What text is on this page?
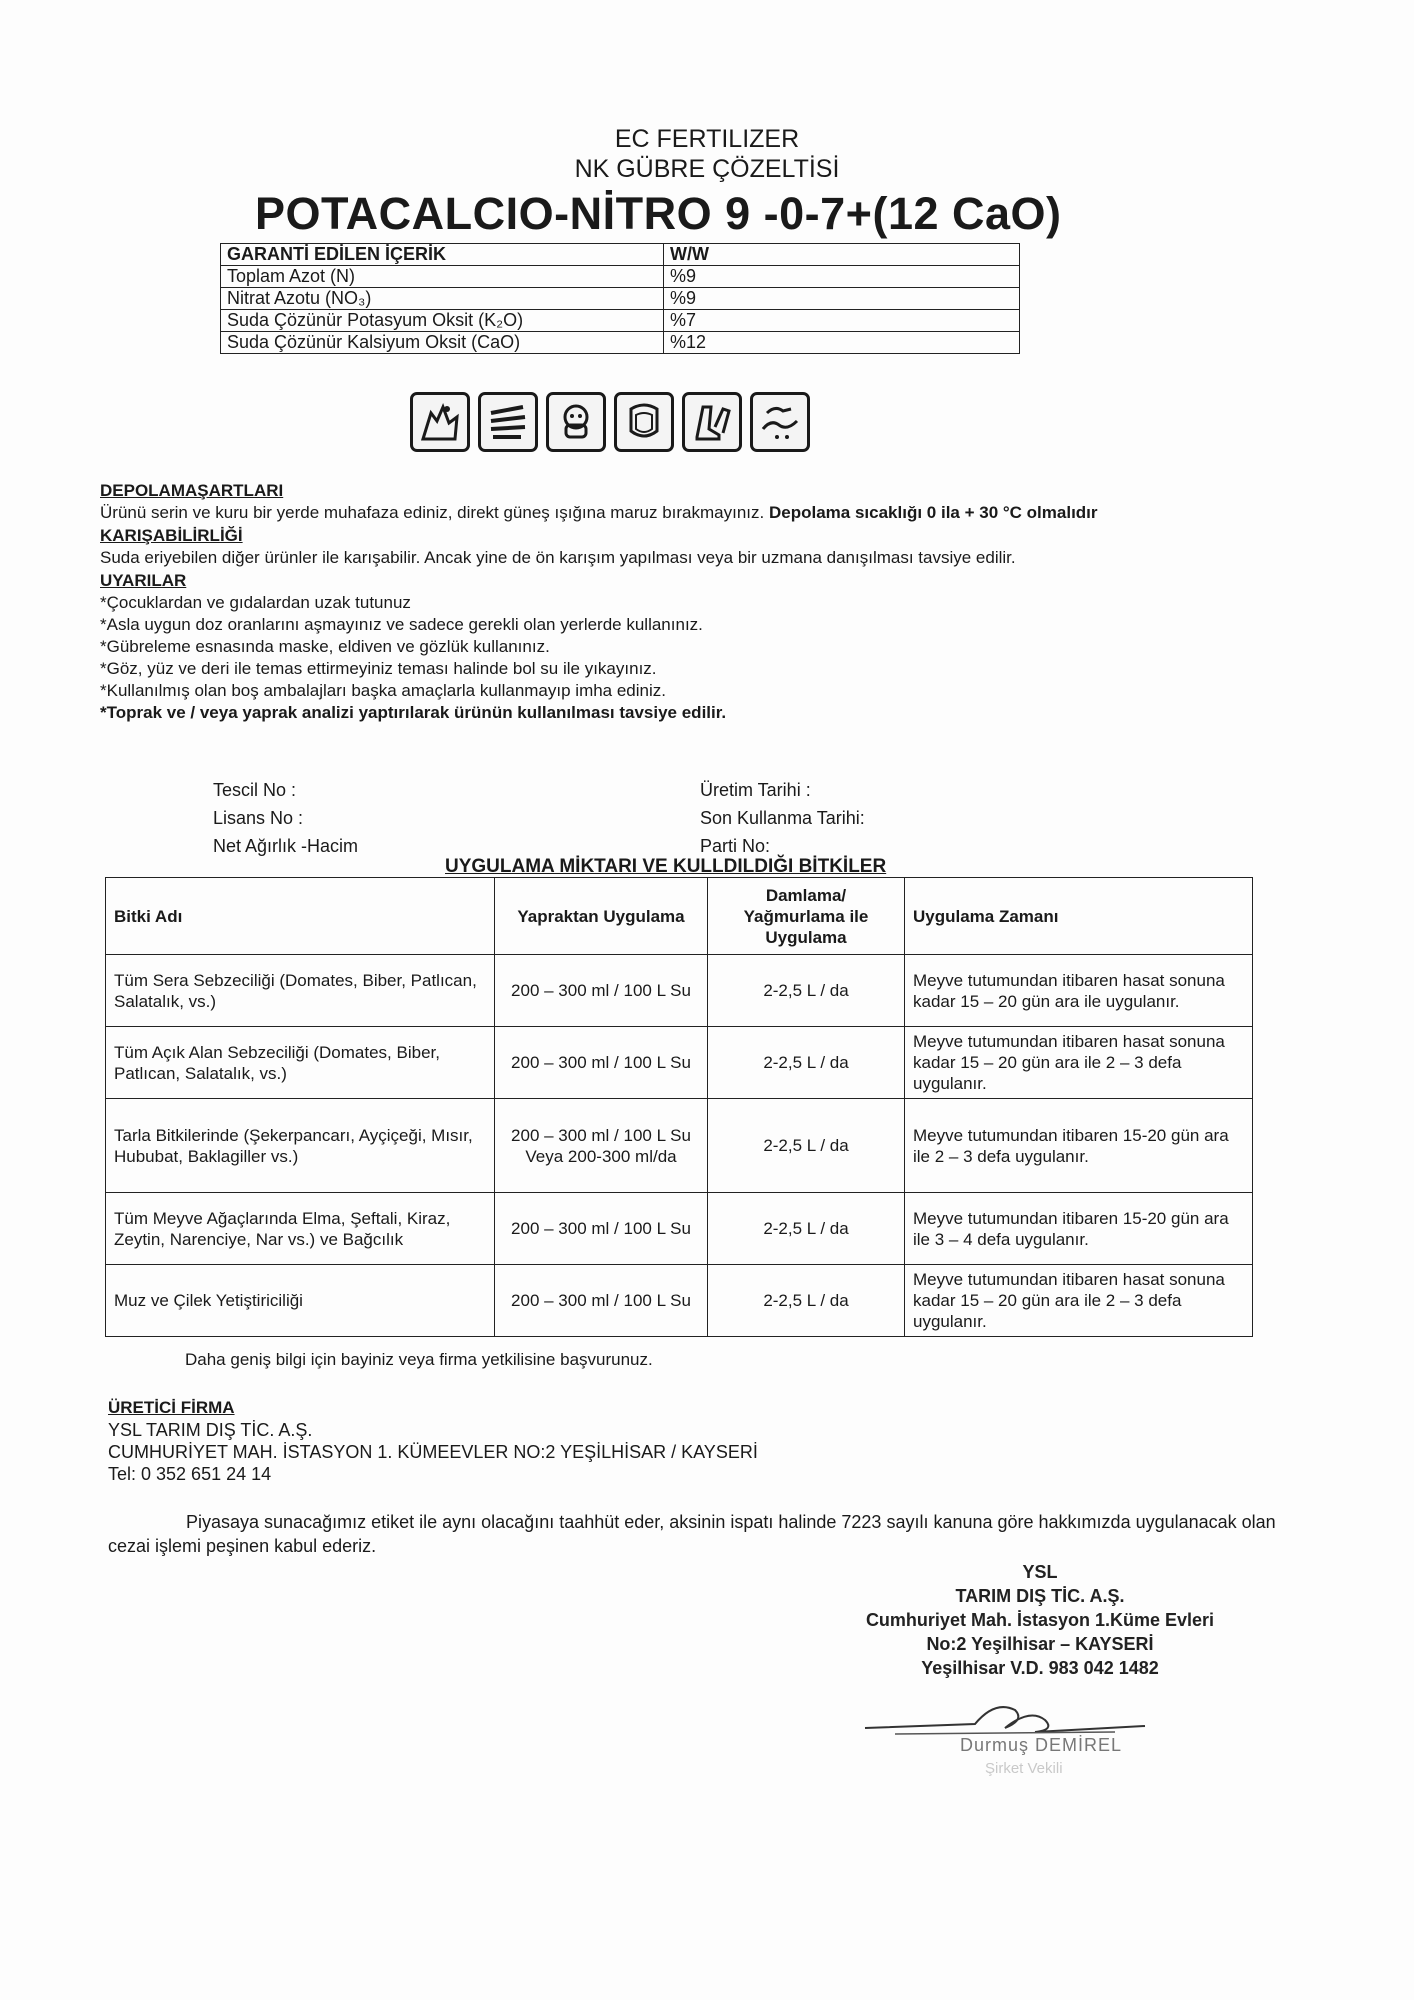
EC FERTILIZER
NK GÜBRE ÇÖZELTİSİ
POTACALCIO-NİTRO 9 -0-7+(12 CaO)
GARANTİ EDİLEN İÇERİK	W/W
Toplam Azot (N)	%9
Nitrat Azotu (NO₃)	%9
Suda Çözünür Potasyum Oksit (K₂O)	%7
Suda Çözünür Kalsiyum Oksit (CaO)	%12
DEPOLAMAŞARTLARI
Ürünü serin ve kuru bir yerde muhafaza ediniz, direkt güneş ışığına maruz bırakmayınız. Depolama sıcaklığı 0 ila + 30 °C olmalıdır
KARIŞABİLİRLİĞİ
Suda eriyebilen diğer ürünler ile karışabilir. Ancak yine de ön karışım yapılması veya bir uzmana danışılması tavsiye edilir.
UYARILAR
*Çocuklardan ve gıdalardan uzak tutunuz
*Asla uygun doz oranlarını aşmayınız ve sadece gerekli olan yerlerde kullanınız.
*Gübreleme esnasında maske, eldiven ve gözlük kullanınız.
*Göz, yüz ve deri ile temas ettirmeyiniz teması halinde bol su ile yıkayınız.
*Kullanılmış olan boş ambalajları başka amaçlarla kullanmayıp imha ediniz.
*Toprak ve / veya yaprak analizi yaptırılarak ürünün kullanılması tavsiye edilir.
Tescil No :
Lisans No :
Net Ağırlık -Hacim
Üretim Tarihi :
Son Kullanma Tarihi:
Parti No:
UYGULAMA MİKTARI VE KULLDILDIĞI BİTKİLER
Bitki Adı	Yapraktan Uygulama	Damlama/ Yağmurlama ile Uygulama	Uygulama Zamanı
Tüm Sera Sebzeciliği (Domates, Biber, Patlıcan, Salatalık, vs.)	200 – 300 ml / 100 L Su	2-2,5 L / da	Meyve tutumundan itibaren hasat sonuna kadar 15 – 20 gün ara ile uygulanır.
Tüm Açık Alan Sebzeciliği (Domates, Biber, Patlıcan, Salatalık, vs.)	200 – 300 ml / 100 L Su	2-2,5 L / da	Meyve tutumundan itibaren hasat sonuna kadar 15 – 20 gün ara ile 2 – 3 defa uygulanır.
Tarla Bitkilerinde (Şekerpancarı, Ayçiçeği, Mısır, Hububat, Baklagiller vs.)	200 – 300 ml / 100 L Su Veya 200-300 ml/da	2-2,5 L / da	Meyve tutumundan itibaren 15-20 gün ara ile 2 – 3 defa uygulanır.
Tüm Meyve Ağaçlarında Elma, Şeftali, Kiraz, Zeytin, Narenciye, Nar vs.) ve Bağcılık	200 – 300 ml / 100 L Su	2-2,5 L / da	Meyve tutumundan itibaren 15-20 gün ara ile 3 – 4 defa uygulanır.
Muz ve Çilek Yetiştiriciliği	200 – 300 ml / 100 L Su	2-2,5 L / da	Meyve tutumundan itibaren hasat sonuna kadar 15 – 20 gün ara ile 2 – 3 defa uygulanır.
Daha geniş bilgi için bayiniz veya firma yetkilisine başvurunuz.
ÜRETİCİ FİRMA
YSL TARIM DIŞ TİC. A.Ş.
CUMHURİYET MAH. İSTASYON 1. KÜMEEVLER NO:2 YEŞİLHİSAR / KAYSERİ
Tel: 0 352 651 24 14
Piyasaya sunacağımız etiket ile aynı olacağını taahhüt eder, aksinin ispatı halinde 7223 sayılı kanuna göre hakkımızda uygulanacak olan cezai işlemi peşinen kabul ederiz.
YSL
TARIM DIŞ TİC. A.Ş.
Cumhuriyet Mah. İstasyon 1.Küme Evleri
No:2 Yeşilhisar – KAYSERİ
Yeşilhisar V.D. 983 042 1482
Durmuş DEMİREL
Şirket Vekili
